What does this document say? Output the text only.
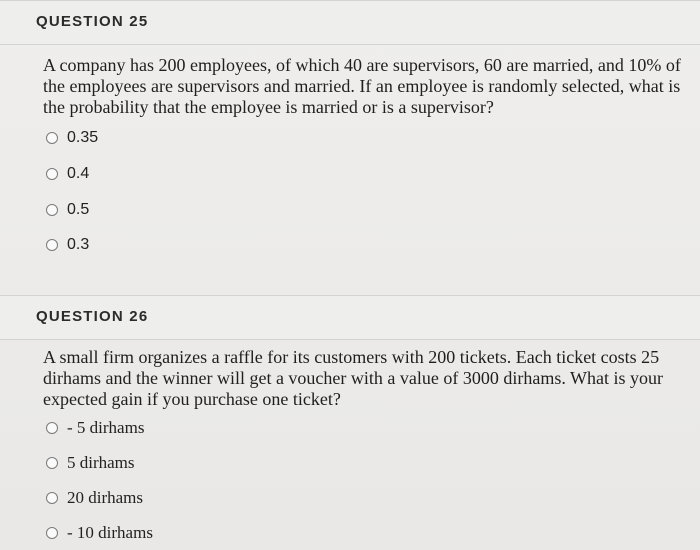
QUESTION 25
A company has 200 employees, of which 40 are supervisors, 60 are married, and 10% of the employees are supervisors and married. If an employee is randomly selected, what is the probability that the employee is married or is a supervisor?
0.35
0.4
0.5
0.3
QUESTION 26
A small firm organizes a raffle for its customers with 200 tickets. Each ticket costs 25 dirhams and the winner will get a voucher with a value of 3000 dirhams. What is your expected gain if you purchase one ticket?
- 5 dirhams
5 dirhams
20 dirhams
- 10 dirhams
